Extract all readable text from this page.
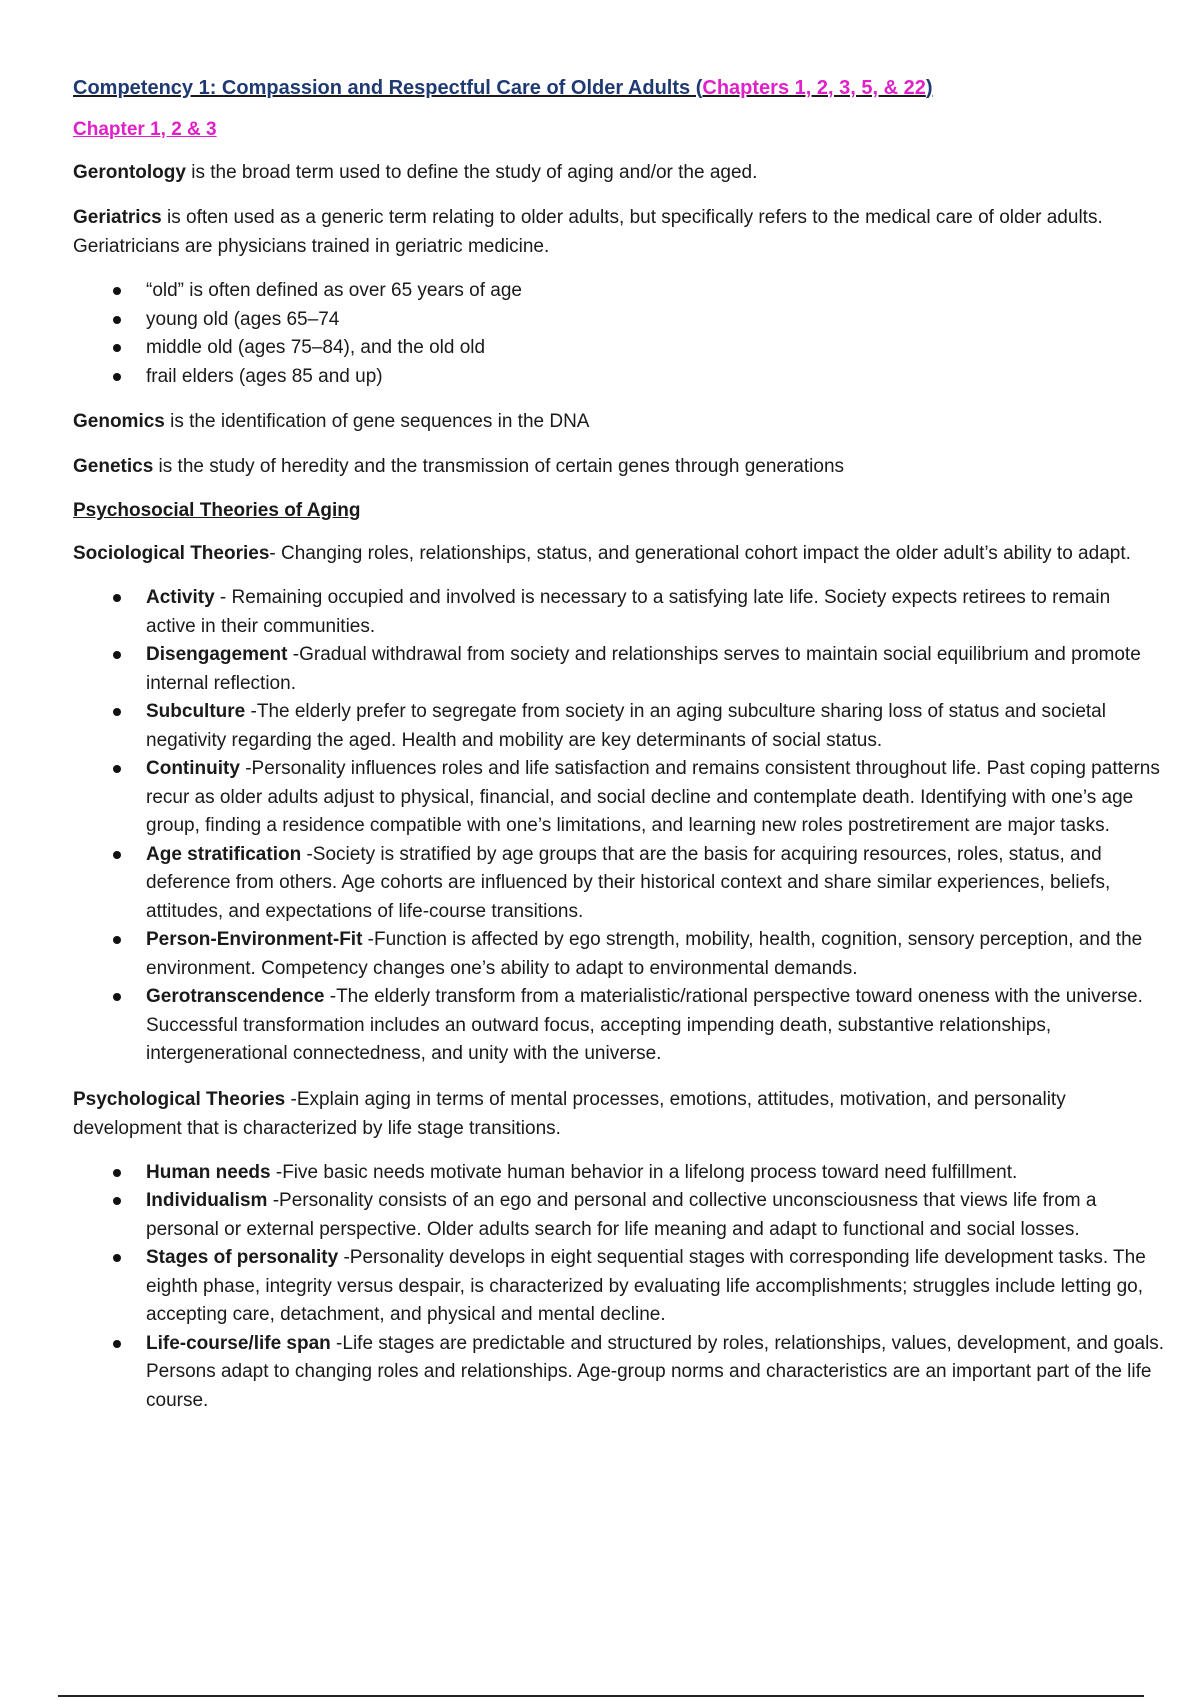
Competency 1: Compassion and Respectful Care of Older Adults (Chapters 1, 2, 3, 5, & 22)
Chapter 1, 2 & 3

Gerontology is the broad term used to define the study of aging and/or the aged.

Geriatrics is often used as a generic term relating to older adults, but specifically refers to the medical care of older adults. Geriatricians are physicians trained in geriatric medicine.

“old” is often defined as over 65 years of age
young old (ages 65–74
middle old (ages 75–84), and the old old
frail elders (ages 85 and up)

Genomics is the identification of gene sequences in the DNA

Genetics is the study of heredity and the transmission of certain genes through generations

Psychosocial Theories of Aging

Sociological Theories- Changing roles, relationships, status, and generational cohort impact the older adult’s ability to adapt.

Activity - Remaining occupied and involved is necessary to a satisfying late life. Society expects retirees to remain active in their communities.
Disengagement -Gradual withdrawal from society and relationships serves to maintain social equilibrium and promote internal reflection.
Subculture -The elderly prefer to segregate from society in an aging subculture sharing loss of status and societal negativity regarding the aged. Health and mobility are key determinants of social status.
Continuity -Personality influences roles and life satisfaction and remains consistent throughout life. Past coping patterns recur as older adults adjust to physical, financial, and social decline and contemplate death. Identifying with one’s age group, finding a residence compatible with one’s limitations, and learning new roles postretirement are major tasks.
Age stratification -Society is stratified by age groups that are the basis for acquiring resources, roles, status, and deference from others. Age cohorts are influenced by their historical context and share similar experiences, beliefs, attitudes, and expectations of life-course transitions.
Person-Environment-Fit -Function is affected by ego strength, mobility, health, cognition, sensory perception, and the environment. Competency changes one’s ability to adapt to environmental demands.
Gerotranscendence -The elderly transform from a materialistic/rational perspective toward oneness with the universe. Successful transformation includes an outward focus, accepting impending death, substantive relationships, intergenerational connectedness, and unity with the universe.

Psychological Theories -Explain aging in terms of mental processes, emotions, attitudes, motivation, and personality development that is characterized by life stage transitions.

Human needs -Five basic needs motivate human behavior in a lifelong process toward need fulfillment.
Individualism -Personality consists of an ego and personal and collective unconsciousness that views life from a personal or external perspective. Older adults search for life meaning and adapt to functional and social losses.
Stages of personality -Personality develops in eight sequential stages with corresponding life development tasks. The eighth phase, integrity versus despair, is characterized by evaluating life accomplishments; struggles include letting go, accepting care, detachment, and physical and mental decline.
Life-course/life span -Life stages are predictable and structured by roles, relationships, values, development, and goals. Persons adapt to changing roles and relationships. Age-group norms and characteristics are an important part of the life course.
